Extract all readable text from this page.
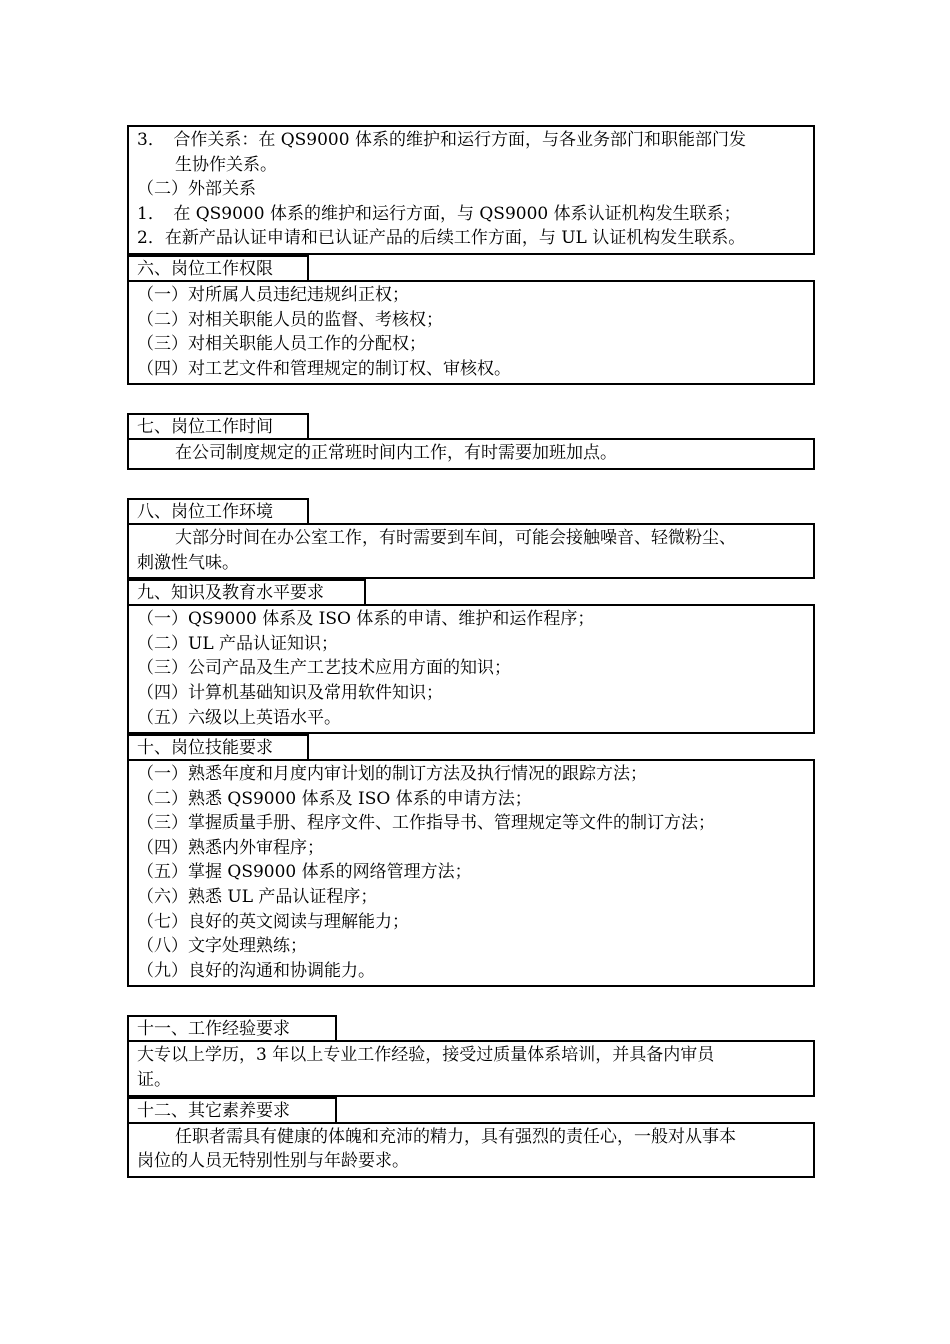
3．　合作关系：在 QS9000 体系的维护和运行方面，与各业务部门和职能部门发
生协作关系。
（二）外部关系
1．　在 QS9000 体系的维护和运行方面，与 QS9000 体系认证机构发生联系；
2．在新产品认证申请和已认证产品的后续工作方面，与 UL 认证机构发生联系。
六、岗位工作权限
（一）对所属人员违纪违规纠正权；
（二）对相关职能人员的监督、考核权；
（三）对相关职能人员工作的分配权；
（四）对工艺文件和管理规定的制订权、审核权。
七、岗位工作时间
在公司制度规定的正常班时间内工作，有时需要加班加点。
八、岗位工作环境
大部分时间在办公室工作，有时需要到车间，可能会接触噪音、轻微粉尘、
刺激性气味。
九、知识及教育水平要求
（一）QS9000 体系及 ISO 体系的申请、维护和运作程序；
（二）UL 产品认证知识；
（三）公司产品及生产工艺技术应用方面的知识；
（四）计算机基础知识及常用软件知识；
（五）六级以上英语水平。
十、岗位技能要求
（一）熟悉年度和月度内审计划的制订方法及执行情况的跟踪方法；
（二）熟悉 QS9000 体系及 ISO 体系的申请方法；
（三）掌握质量手册、程序文件、工作指导书、管理规定等文件的制订方法；
（四）熟悉内外审程序；
（五）掌握 QS9000 体系的网络管理方法；
（六）熟悉 UL 产品认证程序；
（七）良好的英文阅读与理解能力；
（八）文字处理熟练；
（九）良好的沟通和协调能力。
十一、工作经验要求
大专以上学历，3 年以上专业工作经验，接受过质量体系培训，并具备内审员
证。
十二、其它素养要求
任职者需具有健康的体魄和充沛的精力，具有强烈的责任心，一般对从事本
岗位的人员无特别性别与年龄要求。
